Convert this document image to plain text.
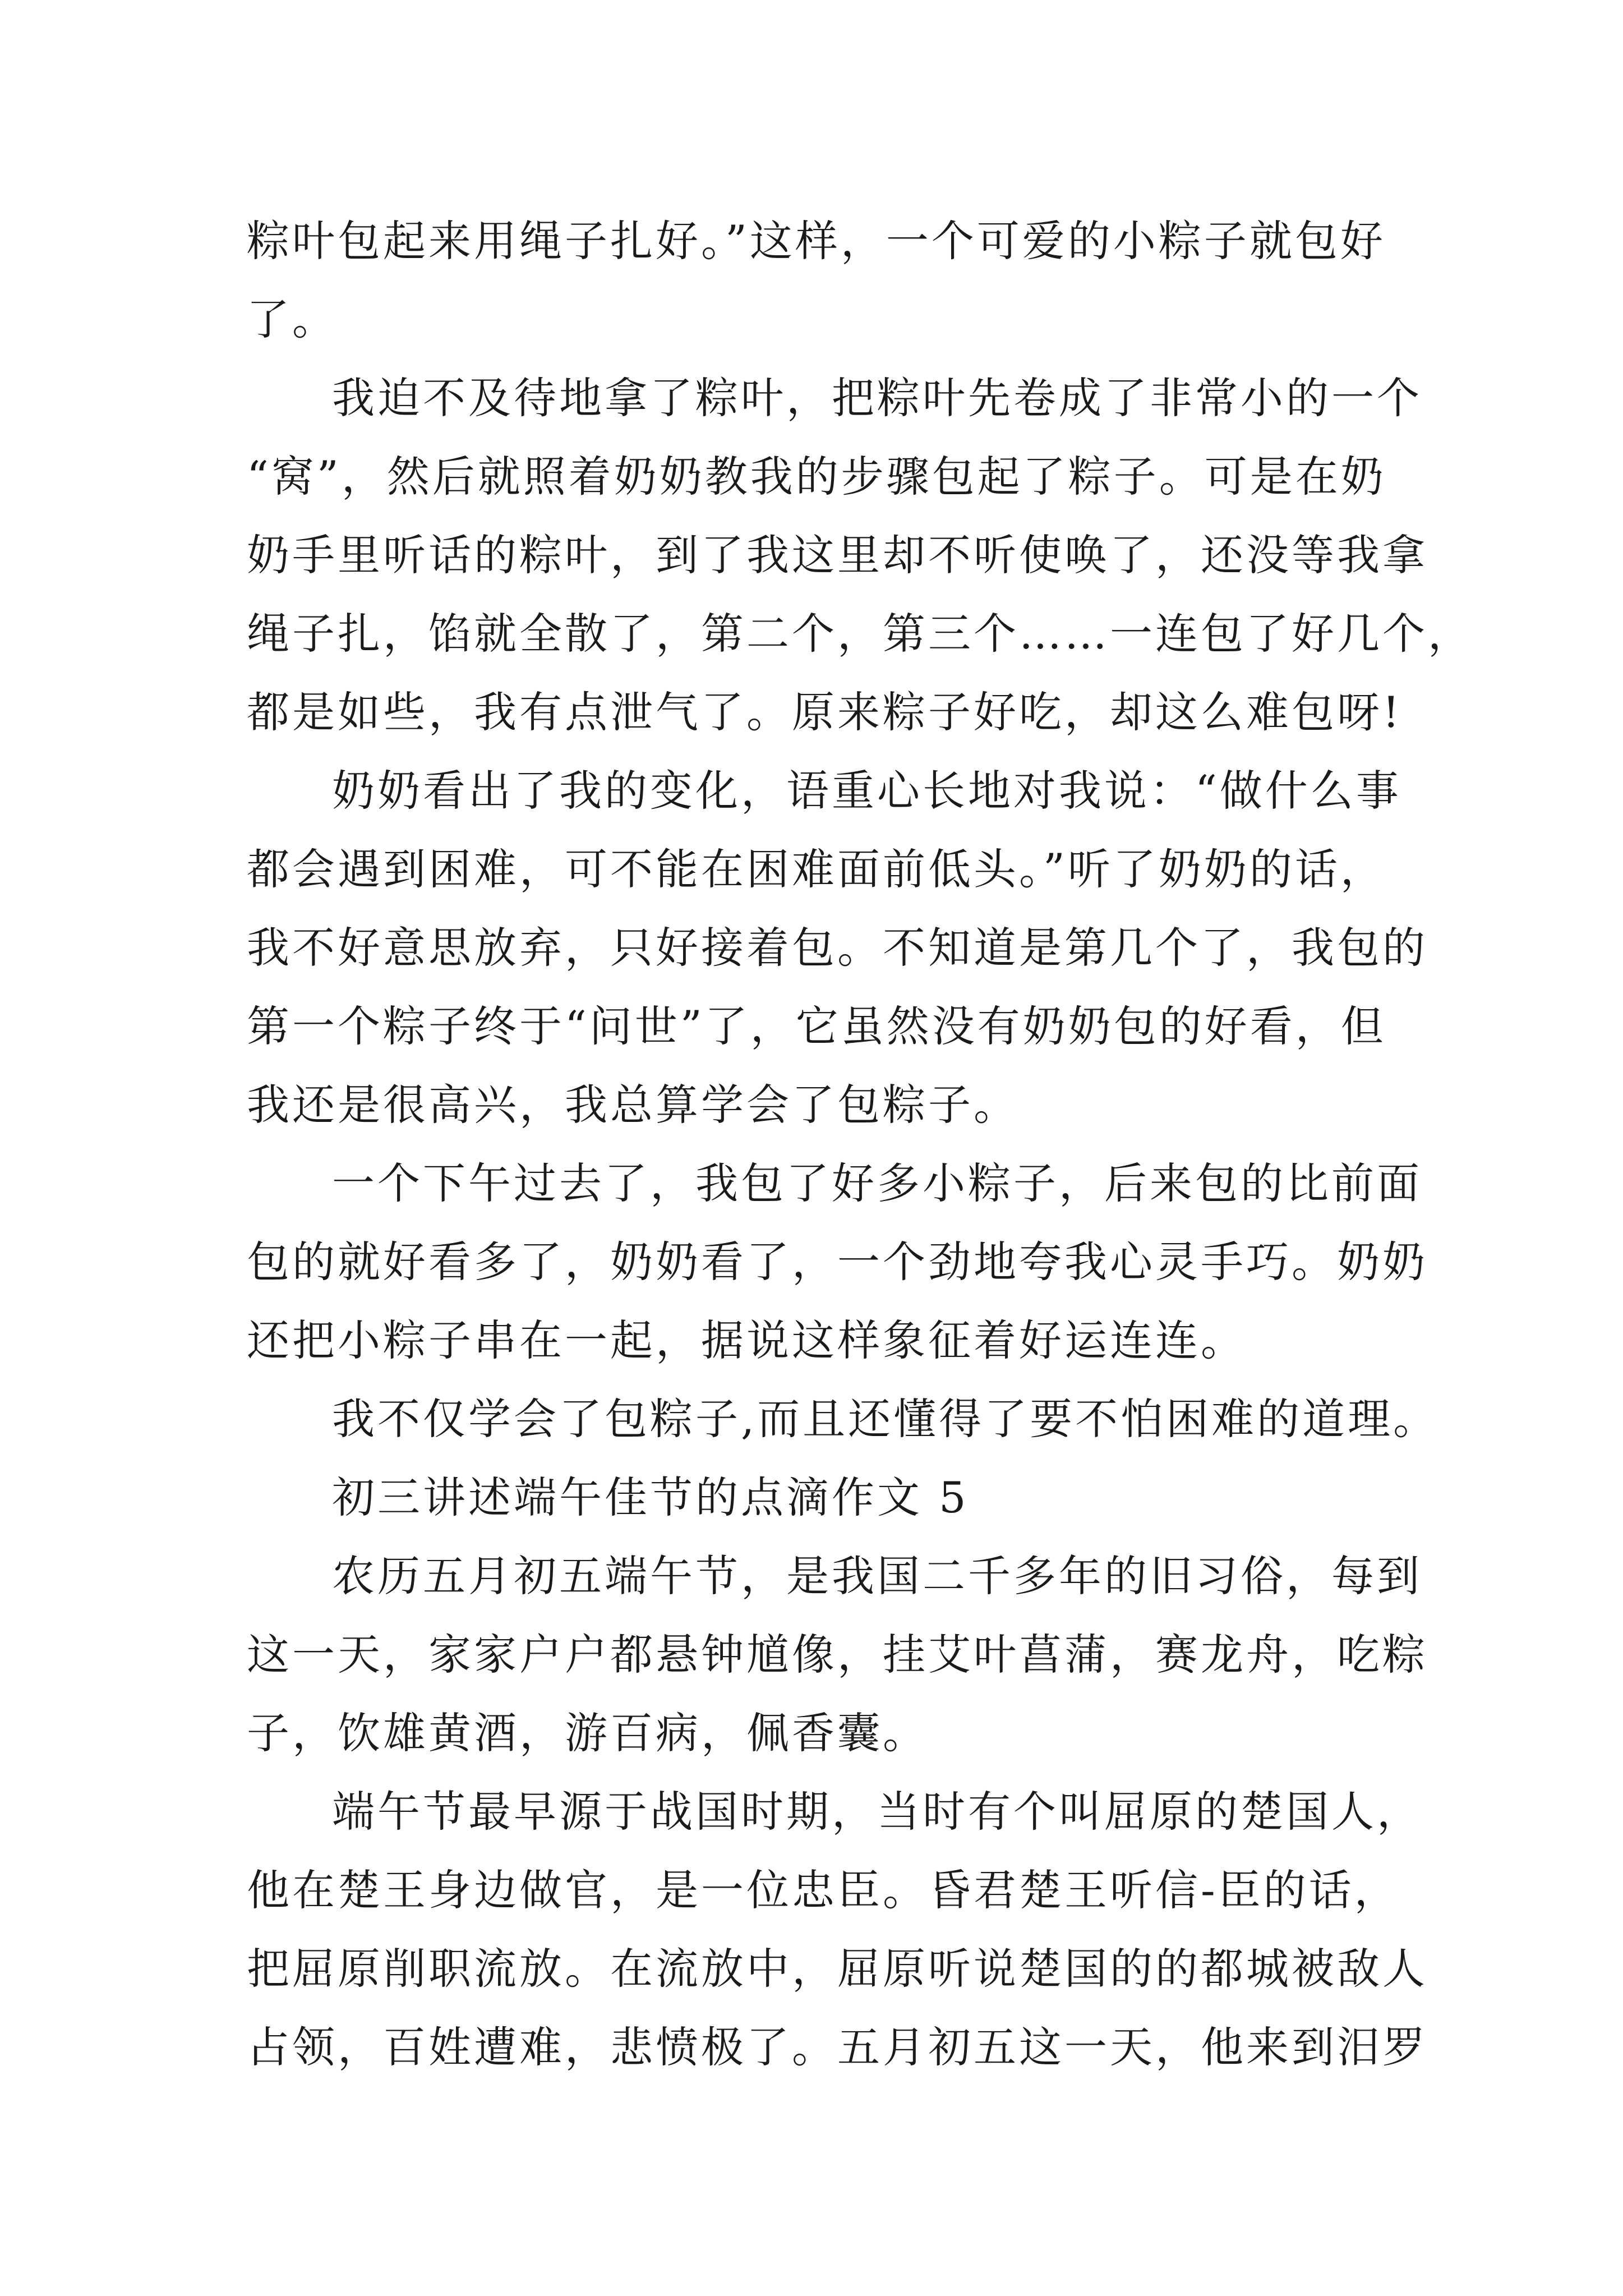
粽叶包起来用绳子扎好。”这样，一个可爱的小粽子就包好
了。
我迫不及待地拿了粽叶，把粽叶先卷成了非常小的一个
“窝”，然后就照着奶奶教我的步骤包起了粽子。可是在奶
奶手里听话的粽叶，到了我这里却不听使唤了，还没等我拿
绳子扎，馅就全散了，第二个，第三个……一连包了好几个，
都是如些，我有点泄气了。原来粽子好吃，却这么难包呀!
奶奶看出了我的变化，语重心长地对我说：“做什么事
都会遇到困难，可不能在困难面前低头。”听了奶奶的话，
我不好意思放弃，只好接着包。不知道是第几个了，我包的
第一个粽子终于“问世”了，它虽然没有奶奶包的好看，但
我还是很高兴，我总算学会了包粽子。
一个下午过去了，我包了好多小粽子，后来包的比前面
包的就好看多了，奶奶看了，一个劲地夸我心灵手巧。奶奶
还把小粽子串在一起，据说这样象征着好运连连。
我不仅学会了包粽子,而且还懂得了要不怕困难的道理。
初三讲述端午佳节的点滴作文 5
农历五月初五端午节，是我国二千多年的旧习俗，每到
这一天，家家户户都悬钟馗像，挂艾叶菖蒲，赛龙舟，吃粽
子，饮雄黄酒，游百病，佩香囊。
端午节最早源于战国时期，当时有个叫屈原的楚国人，
他在楚王身边做官，是一位忠臣。昏君楚王听信-臣的话，
把屈原削职流放。在流放中，屈原听说楚国的的都城被敌人
占领，百姓遭难，悲愤极了。五月初五这一天，他来到汨罗
